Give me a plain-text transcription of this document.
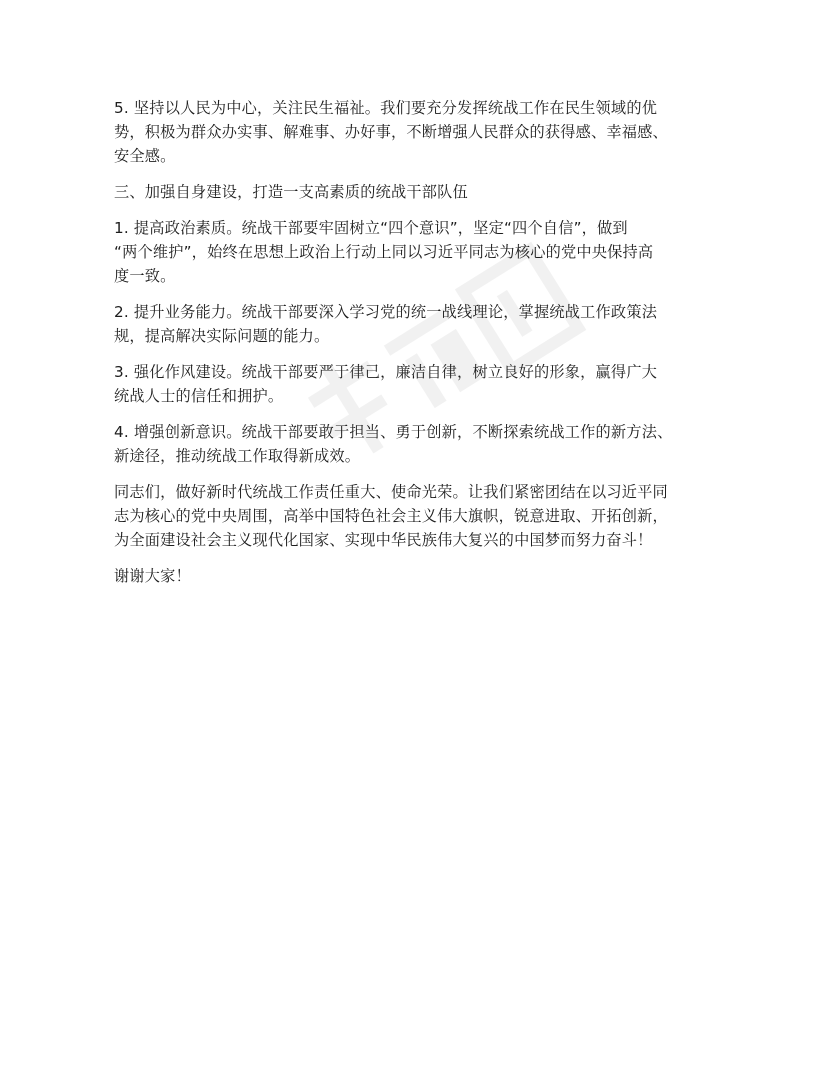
5. 坚持以人民为中心，关注民生福祉。我们要充分发挥统战工作在民生领域的优
势，积极为群众办实事、解难事、办好事，不断增强人民群众的获得感、幸福感、
安全感。

三、加强自身建设，打造一支高素质的统战干部队伍

1. 提高政治素质。统战干部要牢固树立“四个意识”，坚定“四个自信”，做到
“两个维护”，始终在思想上政治上行动上同以习近平同志为核心的党中央保持高
度一致。

2. 提升业务能力。统战干部要深入学习党的统一战线理论，掌握统战工作政策法
规，提高解决实际问题的能力。

3. 强化作风建设。统战干部要严于律己，廉洁自律，树立良好的形象，赢得广大
统战人士的信任和拥护。

4. 增强创新意识。统战干部要敢于担当、勇于创新，不断探索统战工作的新方法、
新途径，推动统战工作取得新成效。

同志们，做好新时代统战工作责任重大、使命光荣。让我们紧密团结在以习近平同
志为核心的党中央周围，高举中国特色社会主义伟大旗帜，锐意进取、开拓创新，
为全面建设社会主义现代化国家、实现中华民族伟大复兴的中国梦而努力奋斗！

谢谢大家！
